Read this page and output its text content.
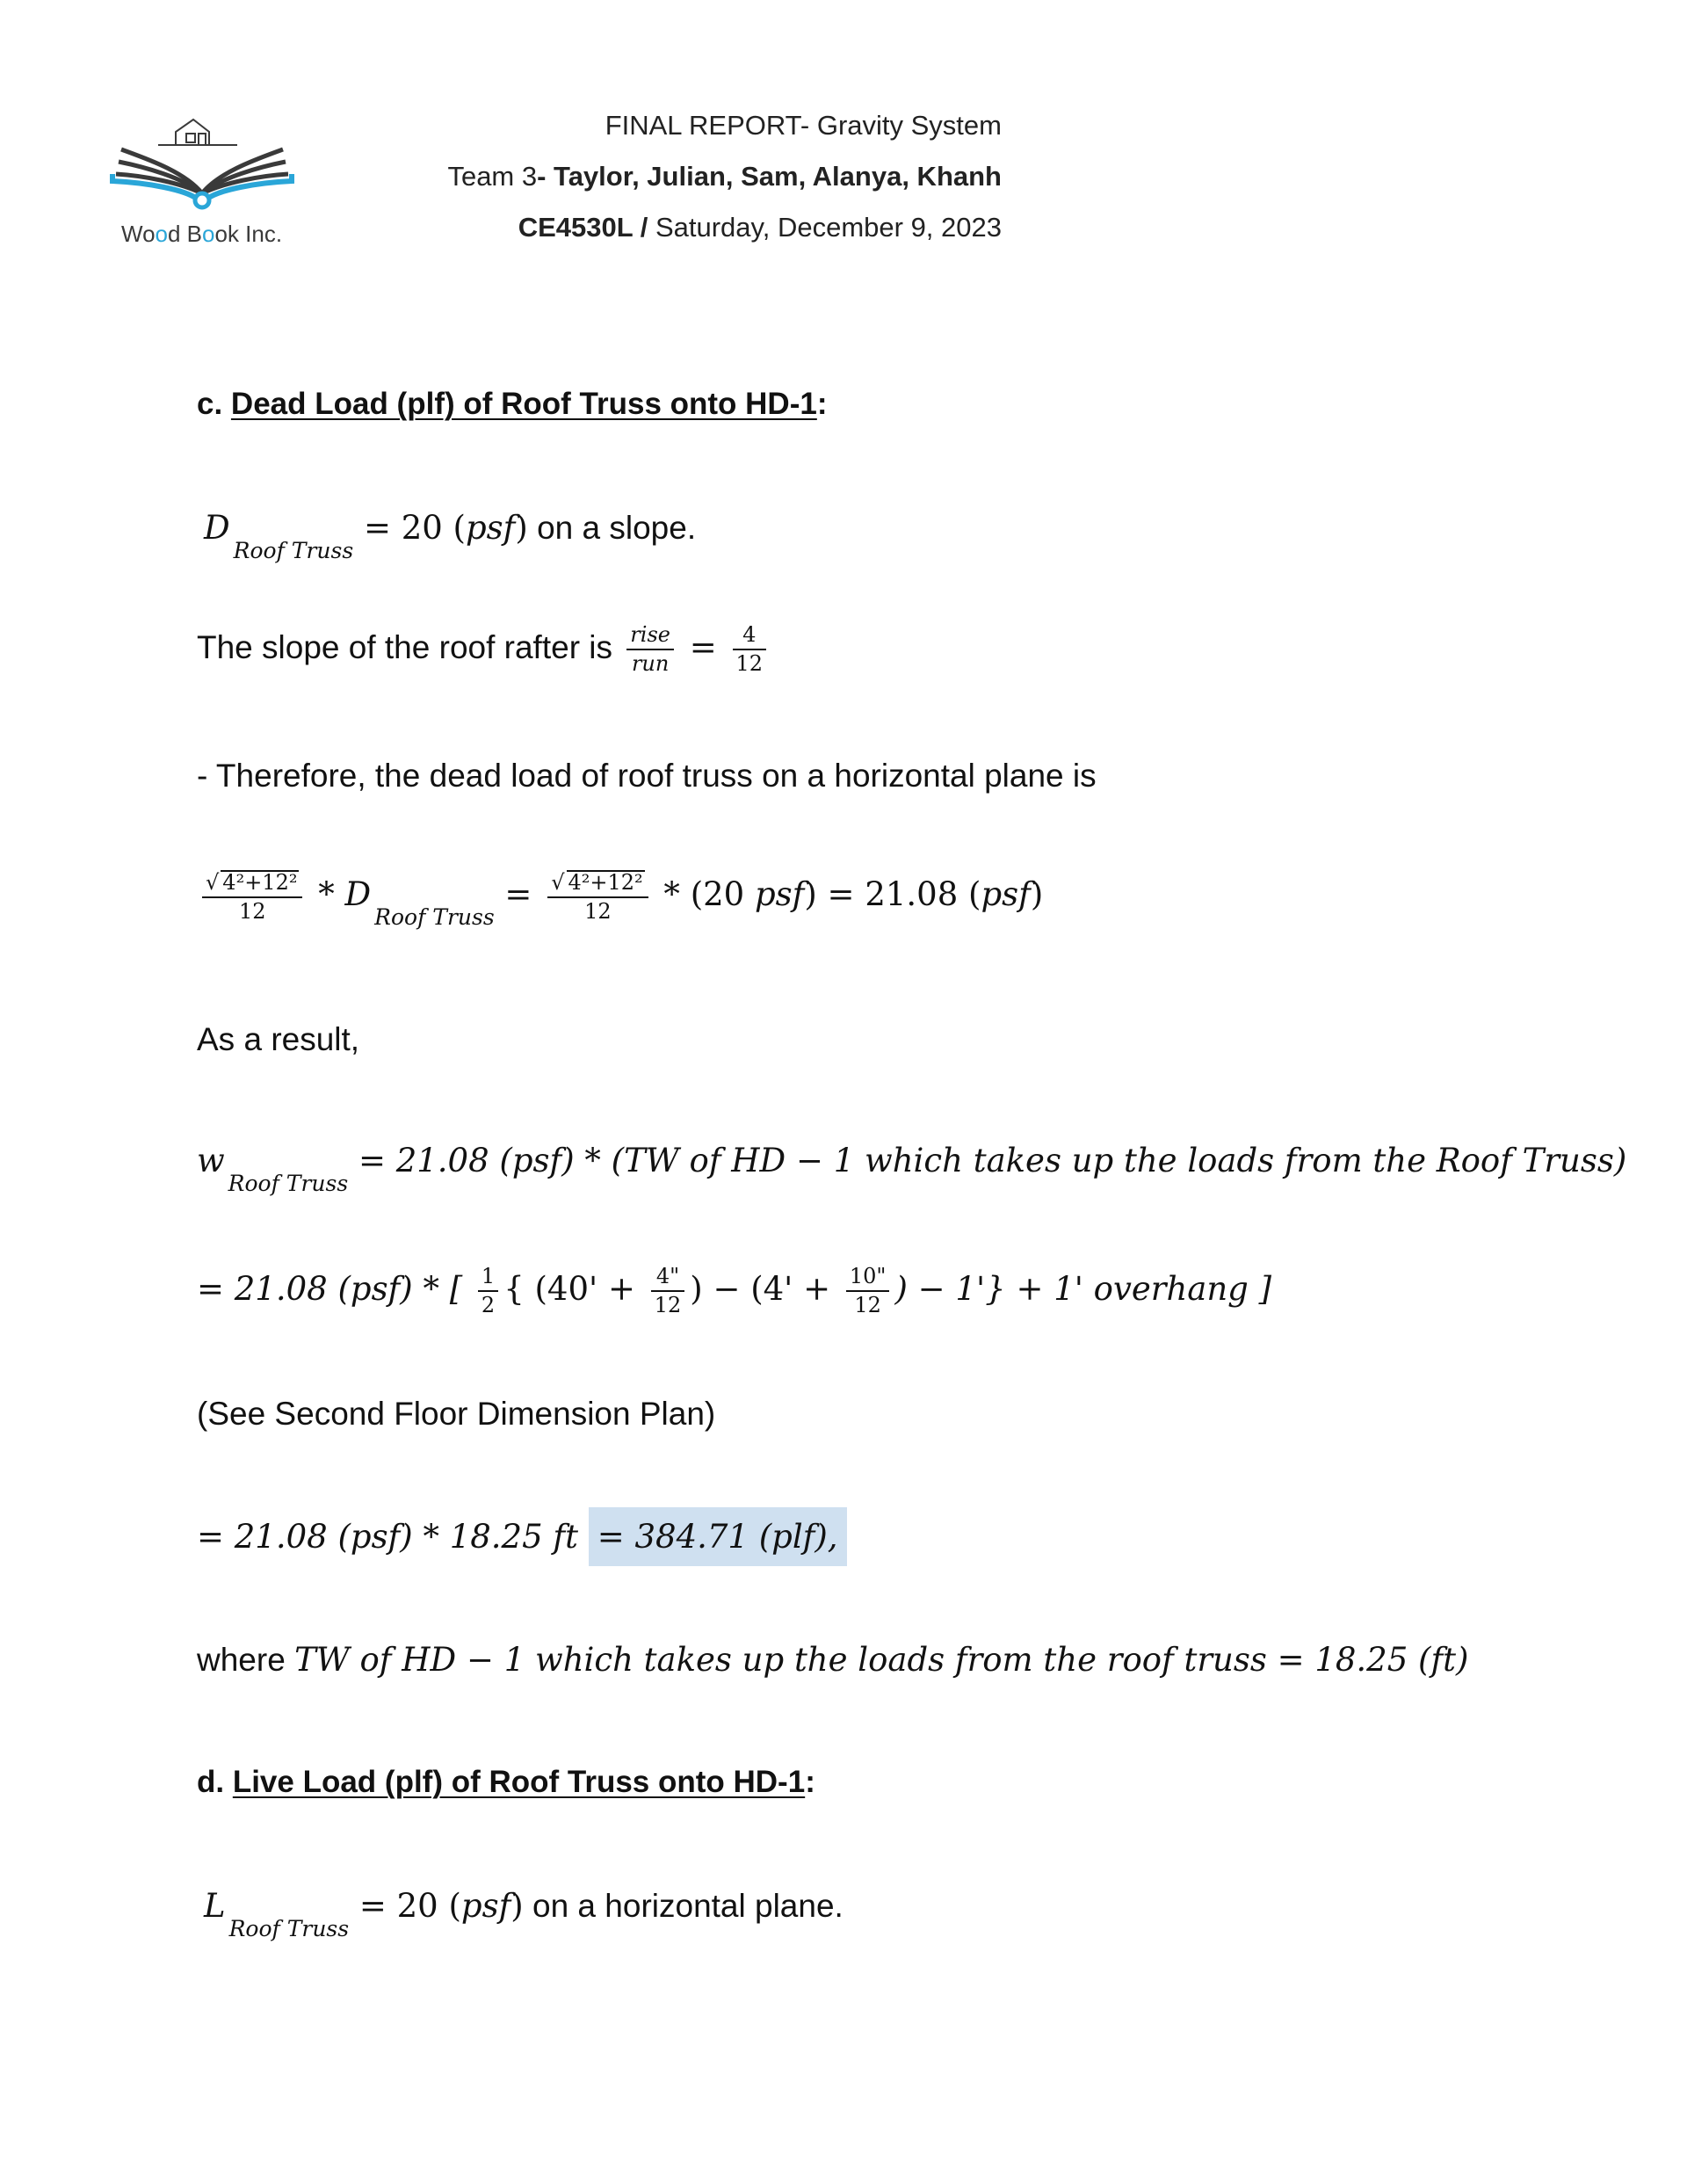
Wood Book Inc.
FINAL REPORT- Gravity System
Team 3- Taylor, Julian, Sam, Alanya, Khanh
CE4530L / Saturday, December 9, 2023
c. Dead Load (plf) of Roof Truss onto HD-1:
$D_{Roof Truss} = 20$ (psf) on a slope.
The slope of the roof rafter is $\frac{\text{rise}}{\text{run}} = \frac{4}{12}$
- Therefore, the dead load of roof truss on a horizontal plane is
$\frac{\text{√ 4²+12²}}{12} * D_{Roof Truss} = \frac{\text{√ 4²+12²}}{12} * (20$ psf) = 21.08 (psf)
As a result,
$w_{Roof Truss} = 21.08$ (psf) * (TW of HD − 1 which takes up the loads from the Roof Truss)
= 21.08 (psf) * [ $\frac{1}{2}$ { ($40' + \frac{4"}{12}$ ) − ($4' + \frac{10"}{12}$ ) − 1'} + 1' overhang ]
(See Second Floor Dimension Plan)
= 21.08 (psf) * 18.25 ft = 384.71 (plf),
where TW of HD − 1 which takes up the loads from the roof truss = 18.25 (ft)
d. Live Load (plf) of Roof Truss onto HD-1:
$L_{Roof Truss} = 20$ (psf) on a horizontal plane.
